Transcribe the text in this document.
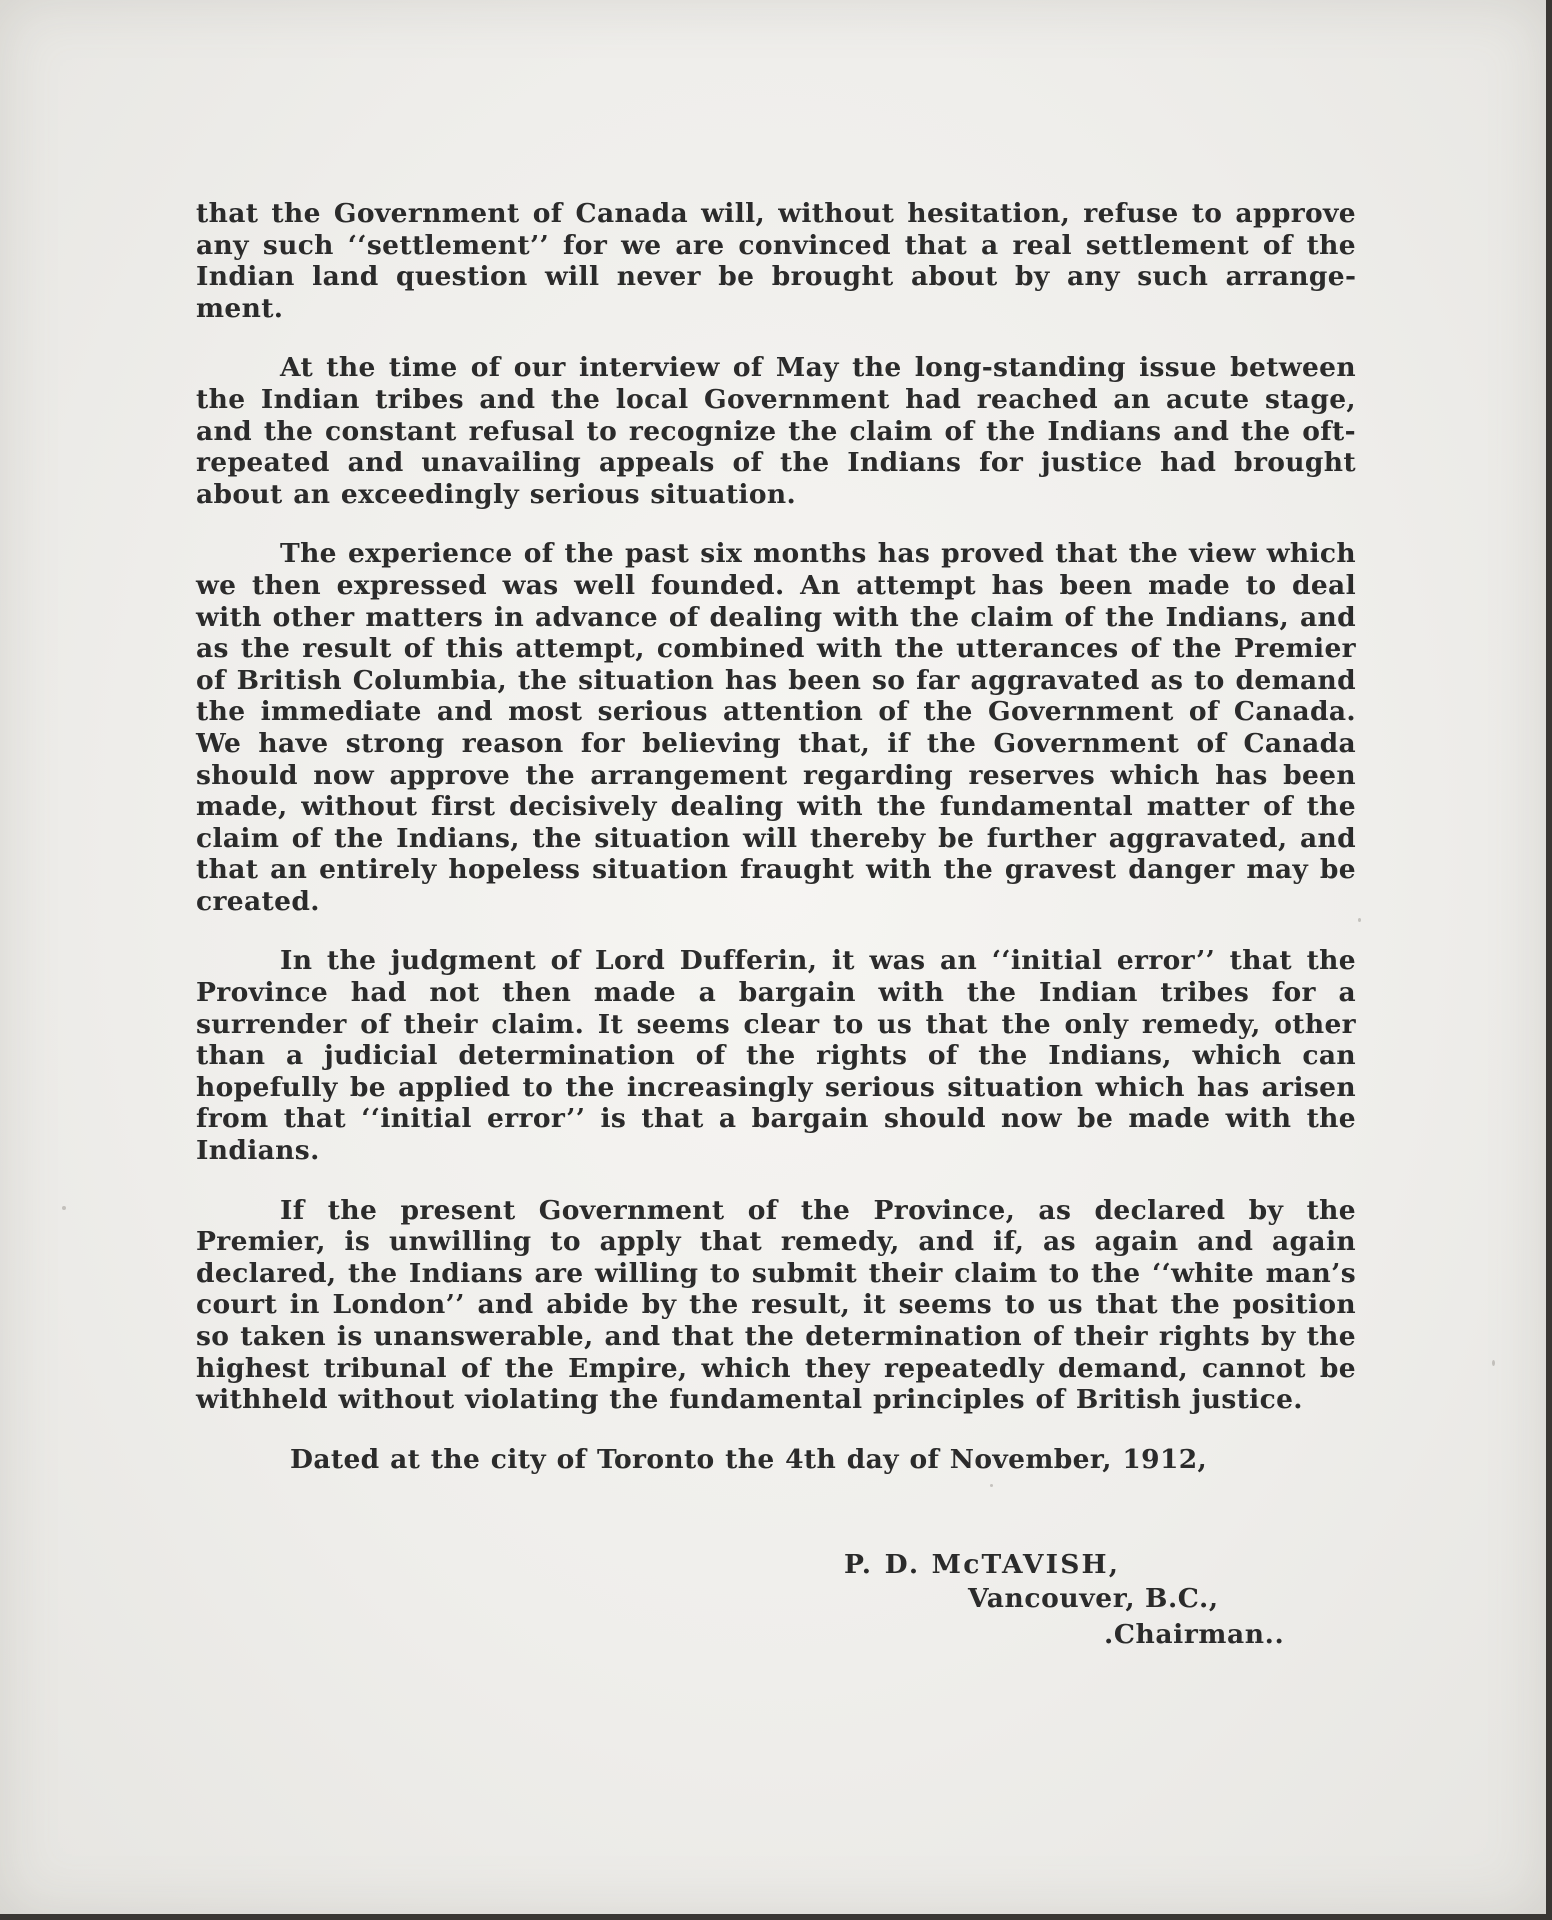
that the Government of Canada will, without hesitation, refuse to approve any such ‘‘settlement’’ for we are convinced that a real settlement of the Indian land question will never be brought about by any such arrangement.

At the time of our interview of May the long-standing issue between the Indian tribes and the local Government had reached an acute stage, and the constant refusal to recognize the claim of the Indians and the oft-repeated and unavailing appeals of the Indians for justice had brought about an exceedingly serious situation.

The experience of the past six months has proved that the view which we then expressed was well founded. An attempt has been made to deal with other matters in advance of dealing with the claim of the Indians, and as the result of this attempt, combined with the utterances of the Premier of British Columbia, the situation has been so far aggravated as to demand the immediate and most serious attention of the Government of Canada. We have strong reason for believing that, if the Government of Canada should now approve the arrangement regarding reserves which has been made, without first decisively dealing with the fundamental matter of the claim of the Indians, the situation will thereby be further aggravated, and that an entirely hopeless situation fraught with the gravest danger may be created.

In the judgment of Lord Dufferin, it was an ‘‘initial error’’ that the Province had not then made a bargain with the Indian tribes for a surrender of their claim. It seems clear to us that the only remedy, other than a judicial determination of the rights of the Indians, which can hopefully be applied to the increasingly serious situation which has arisen from that ‘‘initial error’’ is that a bargain should now be made with the Indians.

If the present Government of the Province, as declared by the Premier, is unwilling to apply that remedy, and if, as again and again declared, the Indians are willing to submit their claim to the ‘‘white man’s court in London’’ and abide by the result, it seems to us that the position so taken is unanswerable, and that the determination of their rights by the highest tribunal of the Empire, which they repeatedly demand, cannot be withheld without violating the fundamental principles of British justice.

Dated at the city of Toronto the 4th day of November, 1912,

P. D. McTAVISH,
Vancouver, B.C.,
.Chairman..
